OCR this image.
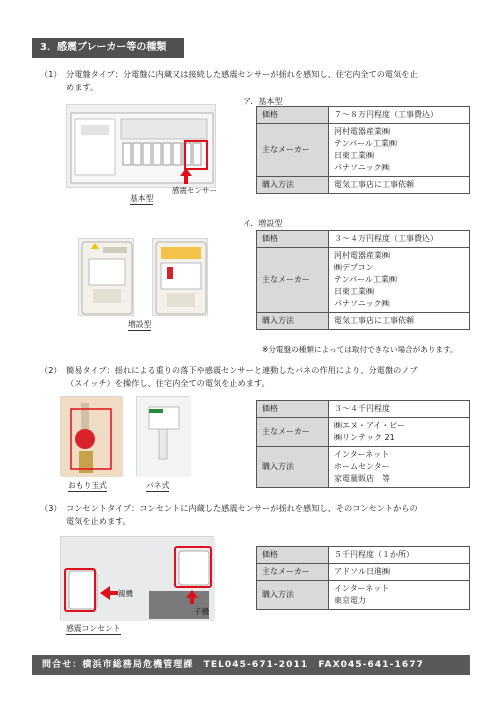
3．感震ブレーカー等の種類
（1） 分電盤タイプ：分電盤に内蔵又は接続した感震センサーが揺れを感知し、住宅内全ての電気を止
めます。
ア．基本型
感震センサー
基本型
価格	７～８万円程度（工事費込）
主なメーカー	河村電器産業㈱
テンパール工業㈱
日東工業㈱
パナソニック㈱

購入方法	電気工事店に工事依頼
イ．増設型
増設型
価格	３～４万円程度（工事費込）
主なメーカー	河村電器産業㈱
㈱デプコン
テンパール工業㈱
日東工業㈱
パナソニック㈱

購入方法	電気工事店に工事依頼
※分電盤の種類によっては取付できない場合があります。
（2） 簡易タイプ：揺れによる重りの落下や感震センサーと連動したバネの作用により、分電盤のノブ
（スイッチ）を操作し、住宅内全ての電気を止めます。
おもり玉式	バネ式
価格	３～４千円程度
主なメーカー	㈱エヌ・アイ・ピー
㈱リンテック 21

購入方法	インターネット
ホームセンター
家電量販店　等
（3） コンセントタイプ：コンセントに内蔵した感震センサーが揺れを感知し、そのコンセントからの
電気を止めます。
親機
子機
感震コンセント
価格	５千円程度（１か所）
主なメーカー	アドソル日進㈱
購入方法	インターネット
東京電力
問合せ：横浜市総務局危機管理課　TEL045-671-2011　FAX045-641-1677
